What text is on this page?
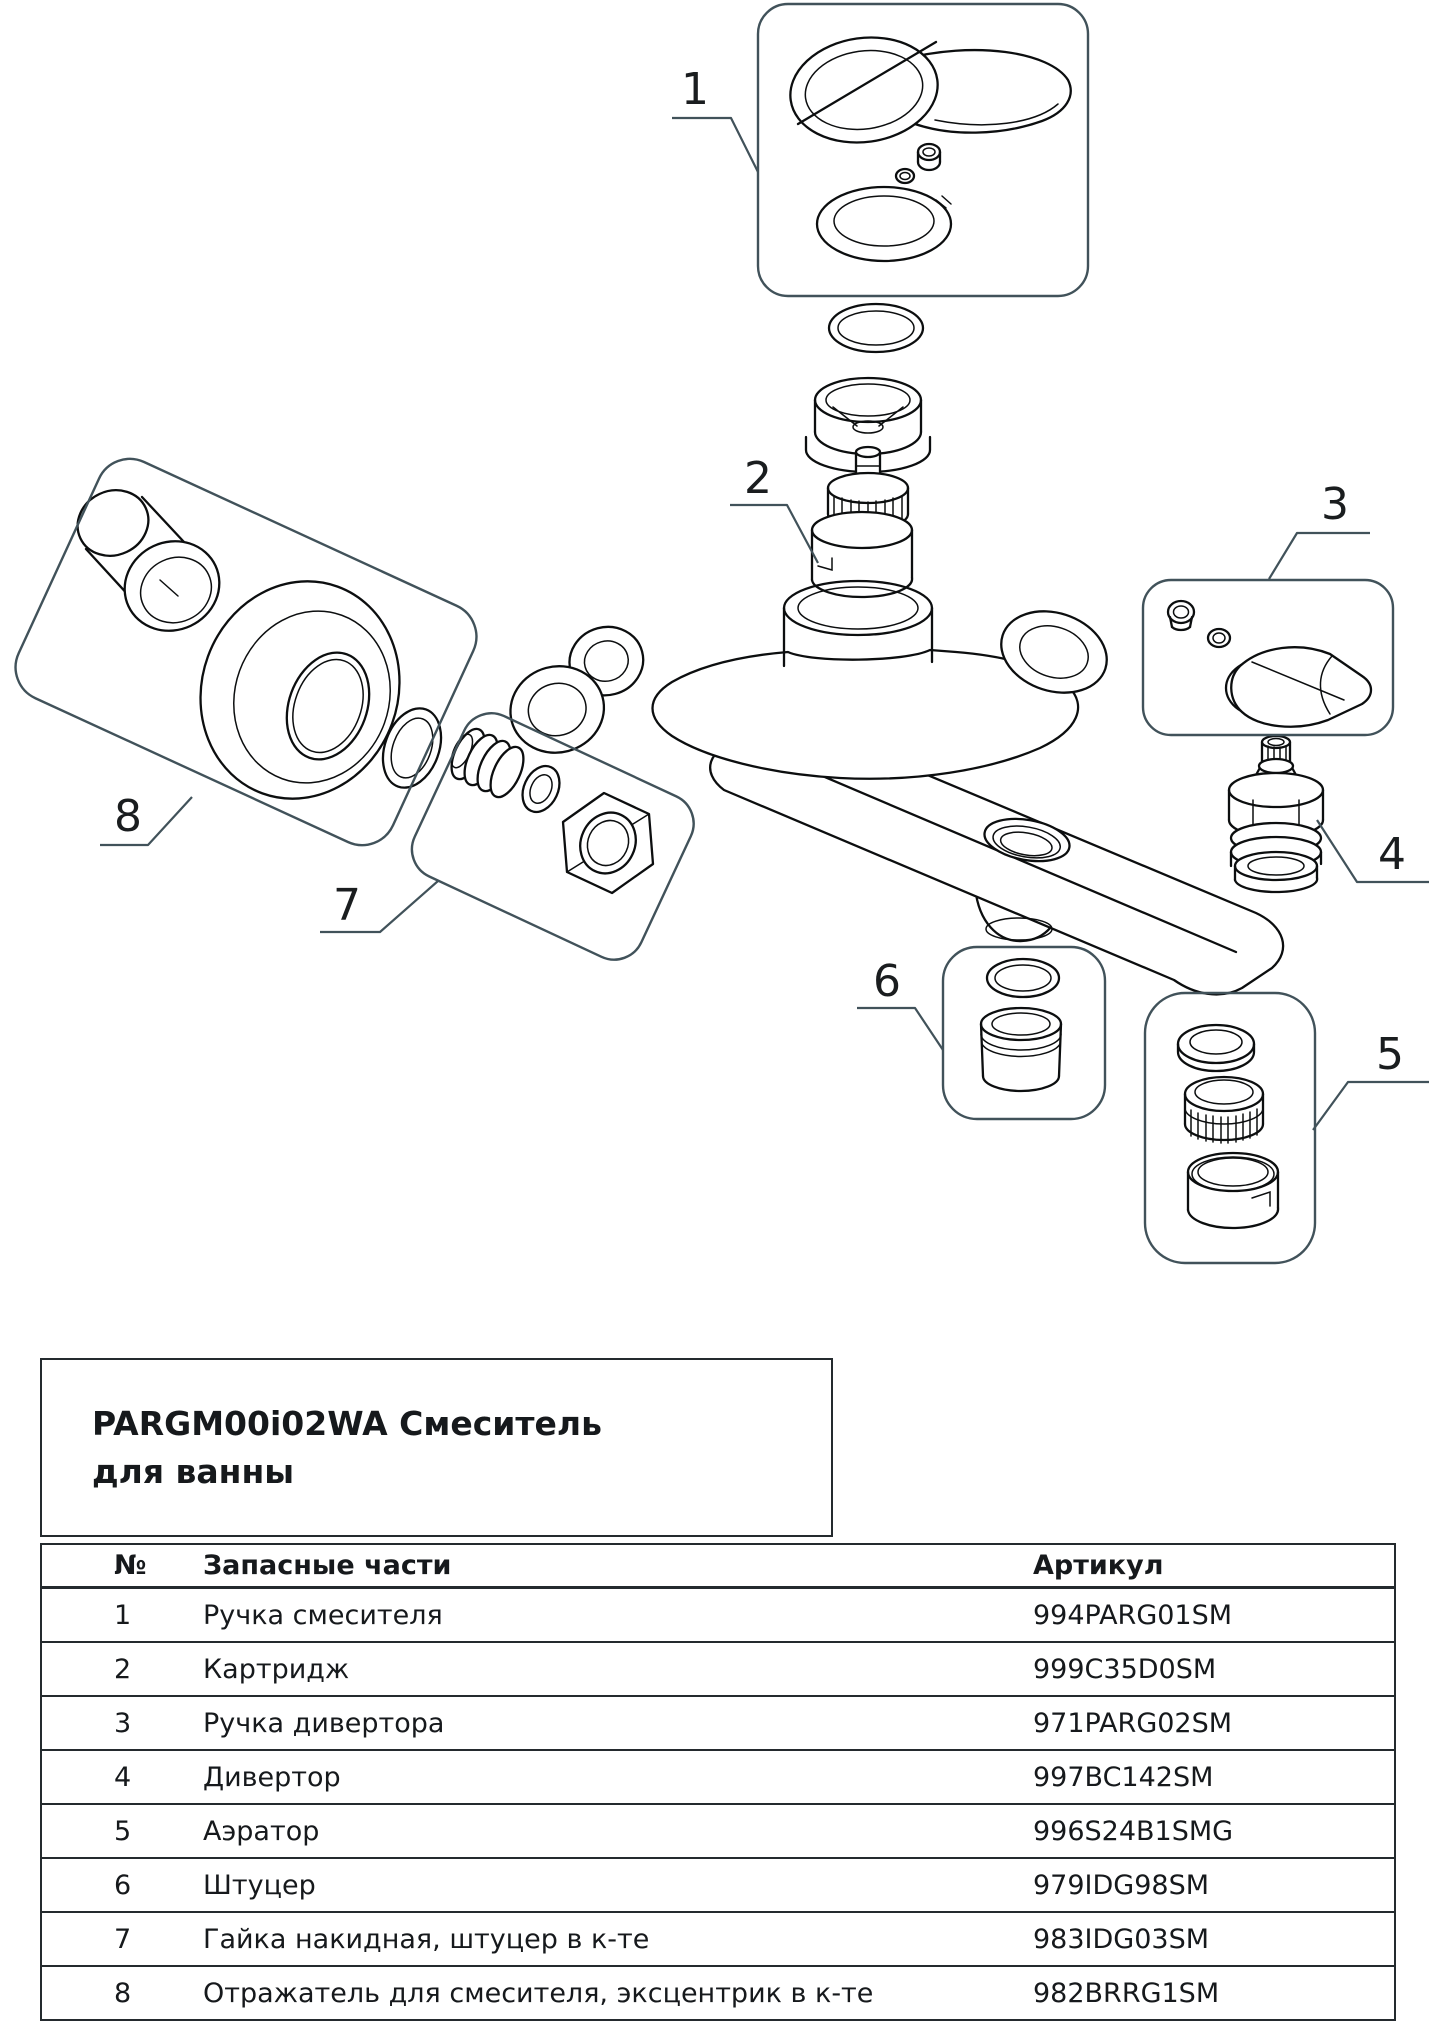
1
2
3
4
5
6
7
8
PARGM00i02WA Смеситель для ванны
№	Запасные части	Артикул
1	Ручка смесителя	994PARG01SM
2	Картридж	999C35D0SM
3	Ручка дивертора	971PARG02SM
4	Дивертор	997BC142SM
5	Аэратор	996S24B1SMG
6	Штуцер	979IDG98SM
7	Гайка накидная, штуцер в к-те	983IDG03SM
8	Отражатель для смесителя, эксцентрик в к-те	982BRRG1SM
